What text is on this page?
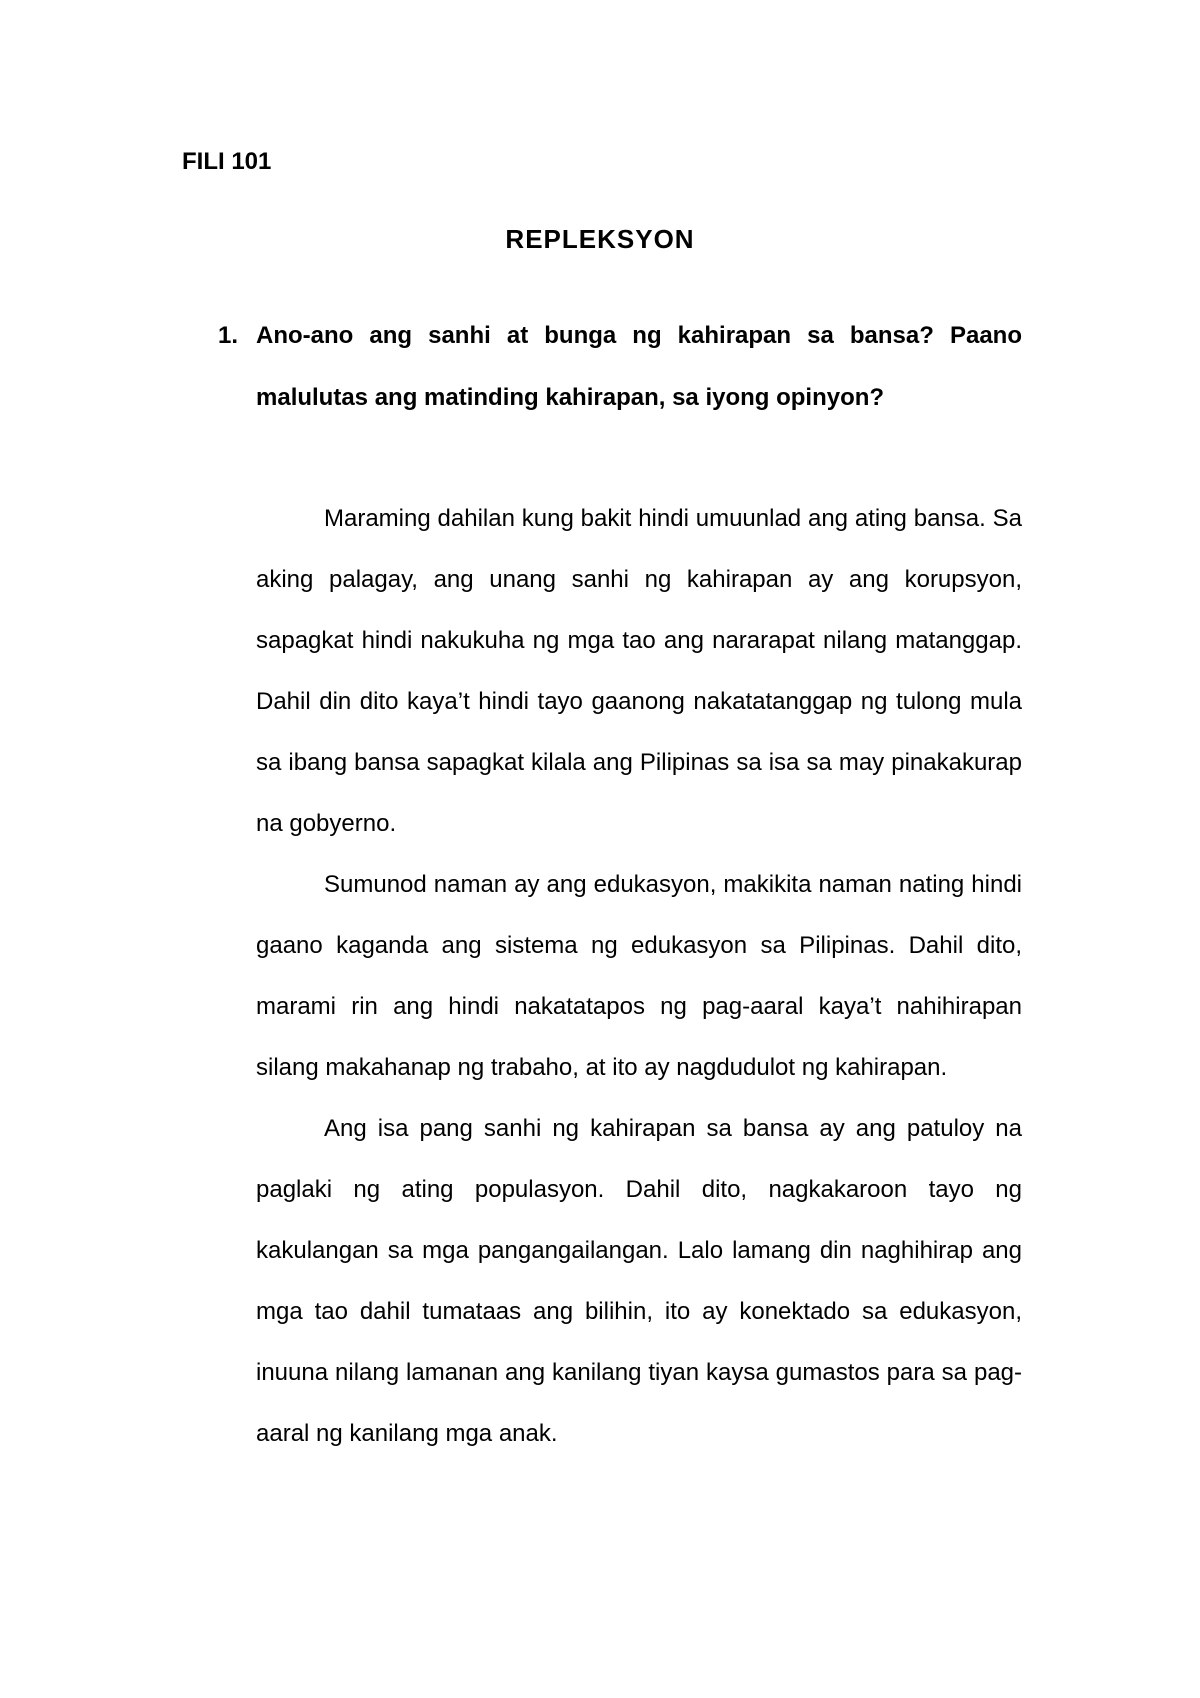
FILI 101
REPLEKSYON
1. Ano-ano ang sanhi at bunga ng kahirapan sa bansa? Paano malulutas ang matinding kahirapan, sa iyong opinyon?

Maraming dahilan kung bakit hindi umuunlad ang ating bansa. Sa aking palagay, ang unang sanhi ng kahirapan ay ang korupsyon, sapagkat hindi nakukuha ng mga tao ang nararapat nilang matanggap. Dahil din dito kaya’t hindi tayo gaanong nakatatanggap ng tulong mula sa ibang bansa sapagkat kilala ang Pilipinas sa isa sa may pinakakurap na gobyerno.

Sumunod naman ay ang edukasyon, makikita naman nating hindi gaano kaganda ang sistema ng edukasyon sa Pilipinas. Dahil dito, marami rin ang hindi nakatatapos ng pag-aaral kaya’t nahihirapan silang makahanap ng trabaho, at ito ay nagdudulot ng kahirapan.

Ang isa pang sanhi ng kahirapan sa bansa ay ang patuloy na paglaki ng ating populasyon. Dahil dito, nagkakaroon tayo ng kakulangan sa mga pangangailangan. Lalo lamang din naghihirap ang mga tao dahil tumataas ang bilihin, ito ay konektado sa edukasyon, inuuna nilang lamanan ang kanilang tiyan kaysa gumastos para sa pag-aaral ng kanilang mga anak.
